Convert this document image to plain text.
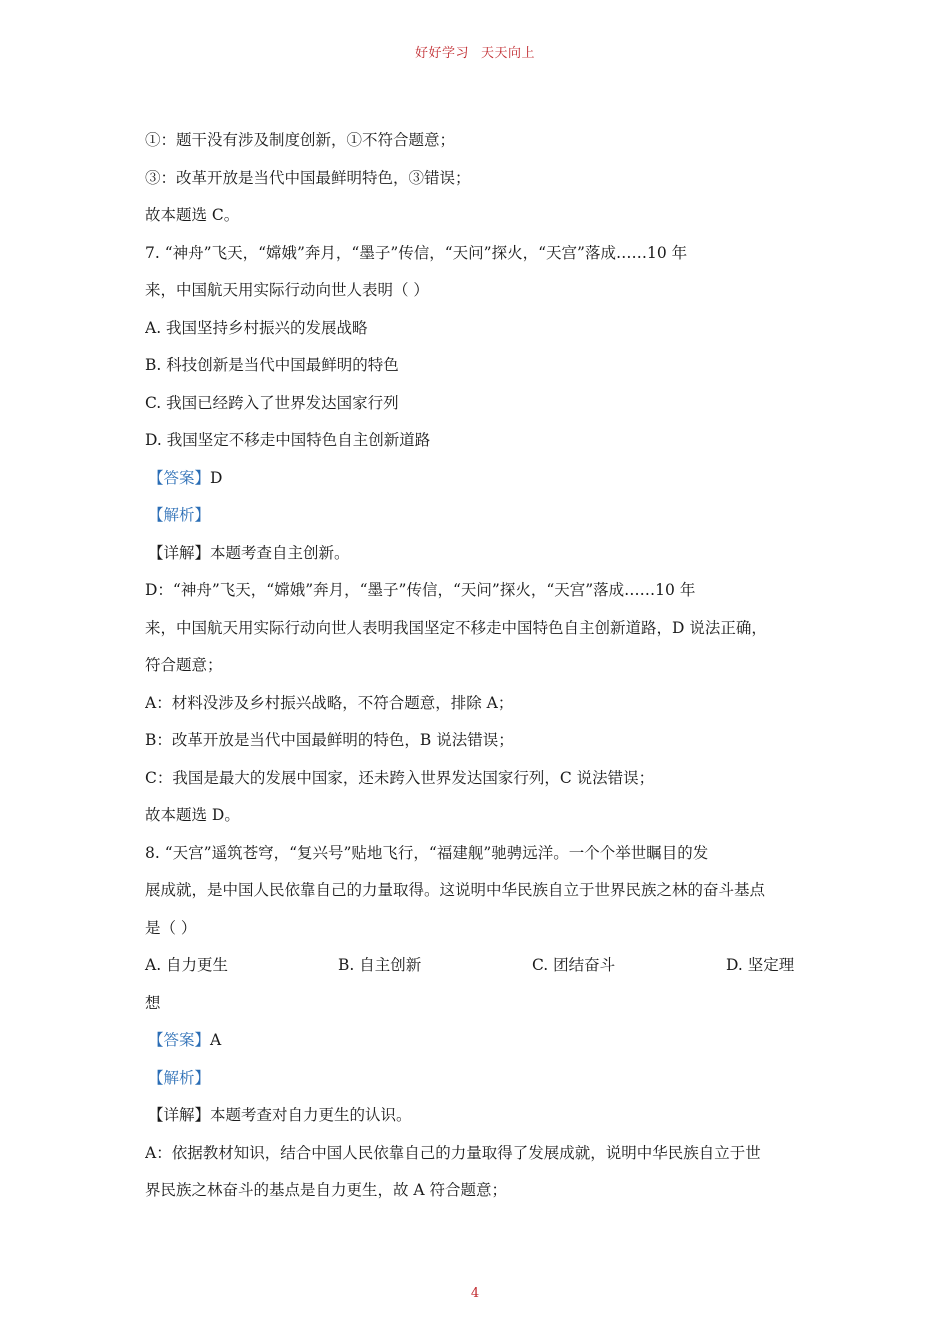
好好学习 天天向上
①：题干没有涉及制度创新，①不符合题意；
③：改革开放是当代中国最鲜明特色，③错误；
故本题选 C。
7. “神舟”飞天，“嫦娥”奔月，“墨子”传信，“天问”探火，“天宫”落成……10 年
来，中国航天用实际行动向世人表明（ ）
A. 我国坚持乡村振兴的发展战略
B. 科技创新是当代中国最鲜明的特色
C. 我国已经跨入了世界发达国家行列
D. 我国坚定不移走中国特色自主创新道路
【答案】D
【解析】
【详解】本题考查自主创新。
D：“神舟”飞天，“嫦娥”奔月，“墨子”传信，“天问”探火，“天宫”落成……10 年
来，中国航天用实际行动向世人表明我国坚定不移走中国特色自主创新道路，D 说法正确，
符合题意；
A：材料没涉及乡村振兴战略，不符合题意，排除 A；
B：改革开放是当代中国最鲜明的特色，B 说法错误；
C：我国是最大的发展中国家，还未跨入世界发达国家行列，C 说法错误；
故本题选 D。
8. “天宫”遥筑苍穹，“复兴号”贴地飞行，“福建舰”驰骋远洋。一个个举世瞩目的发
展成就，是中国人民依靠自己的力量取得。这说明中华民族自立于世界民族之林的奋斗基点
是（ ）
A. 自力更生	B. 自主创新	C. 团结奋斗	D. 坚定理
想
【答案】A
【解析】
【详解】本题考查对自力更生的认识。
A：依据教材知识，结合中国人民依靠自己的力量取得了发展成就，说明中华民族自立于世
界民族之林奋斗的基点是自力更生，故 A 符合题意；
4
